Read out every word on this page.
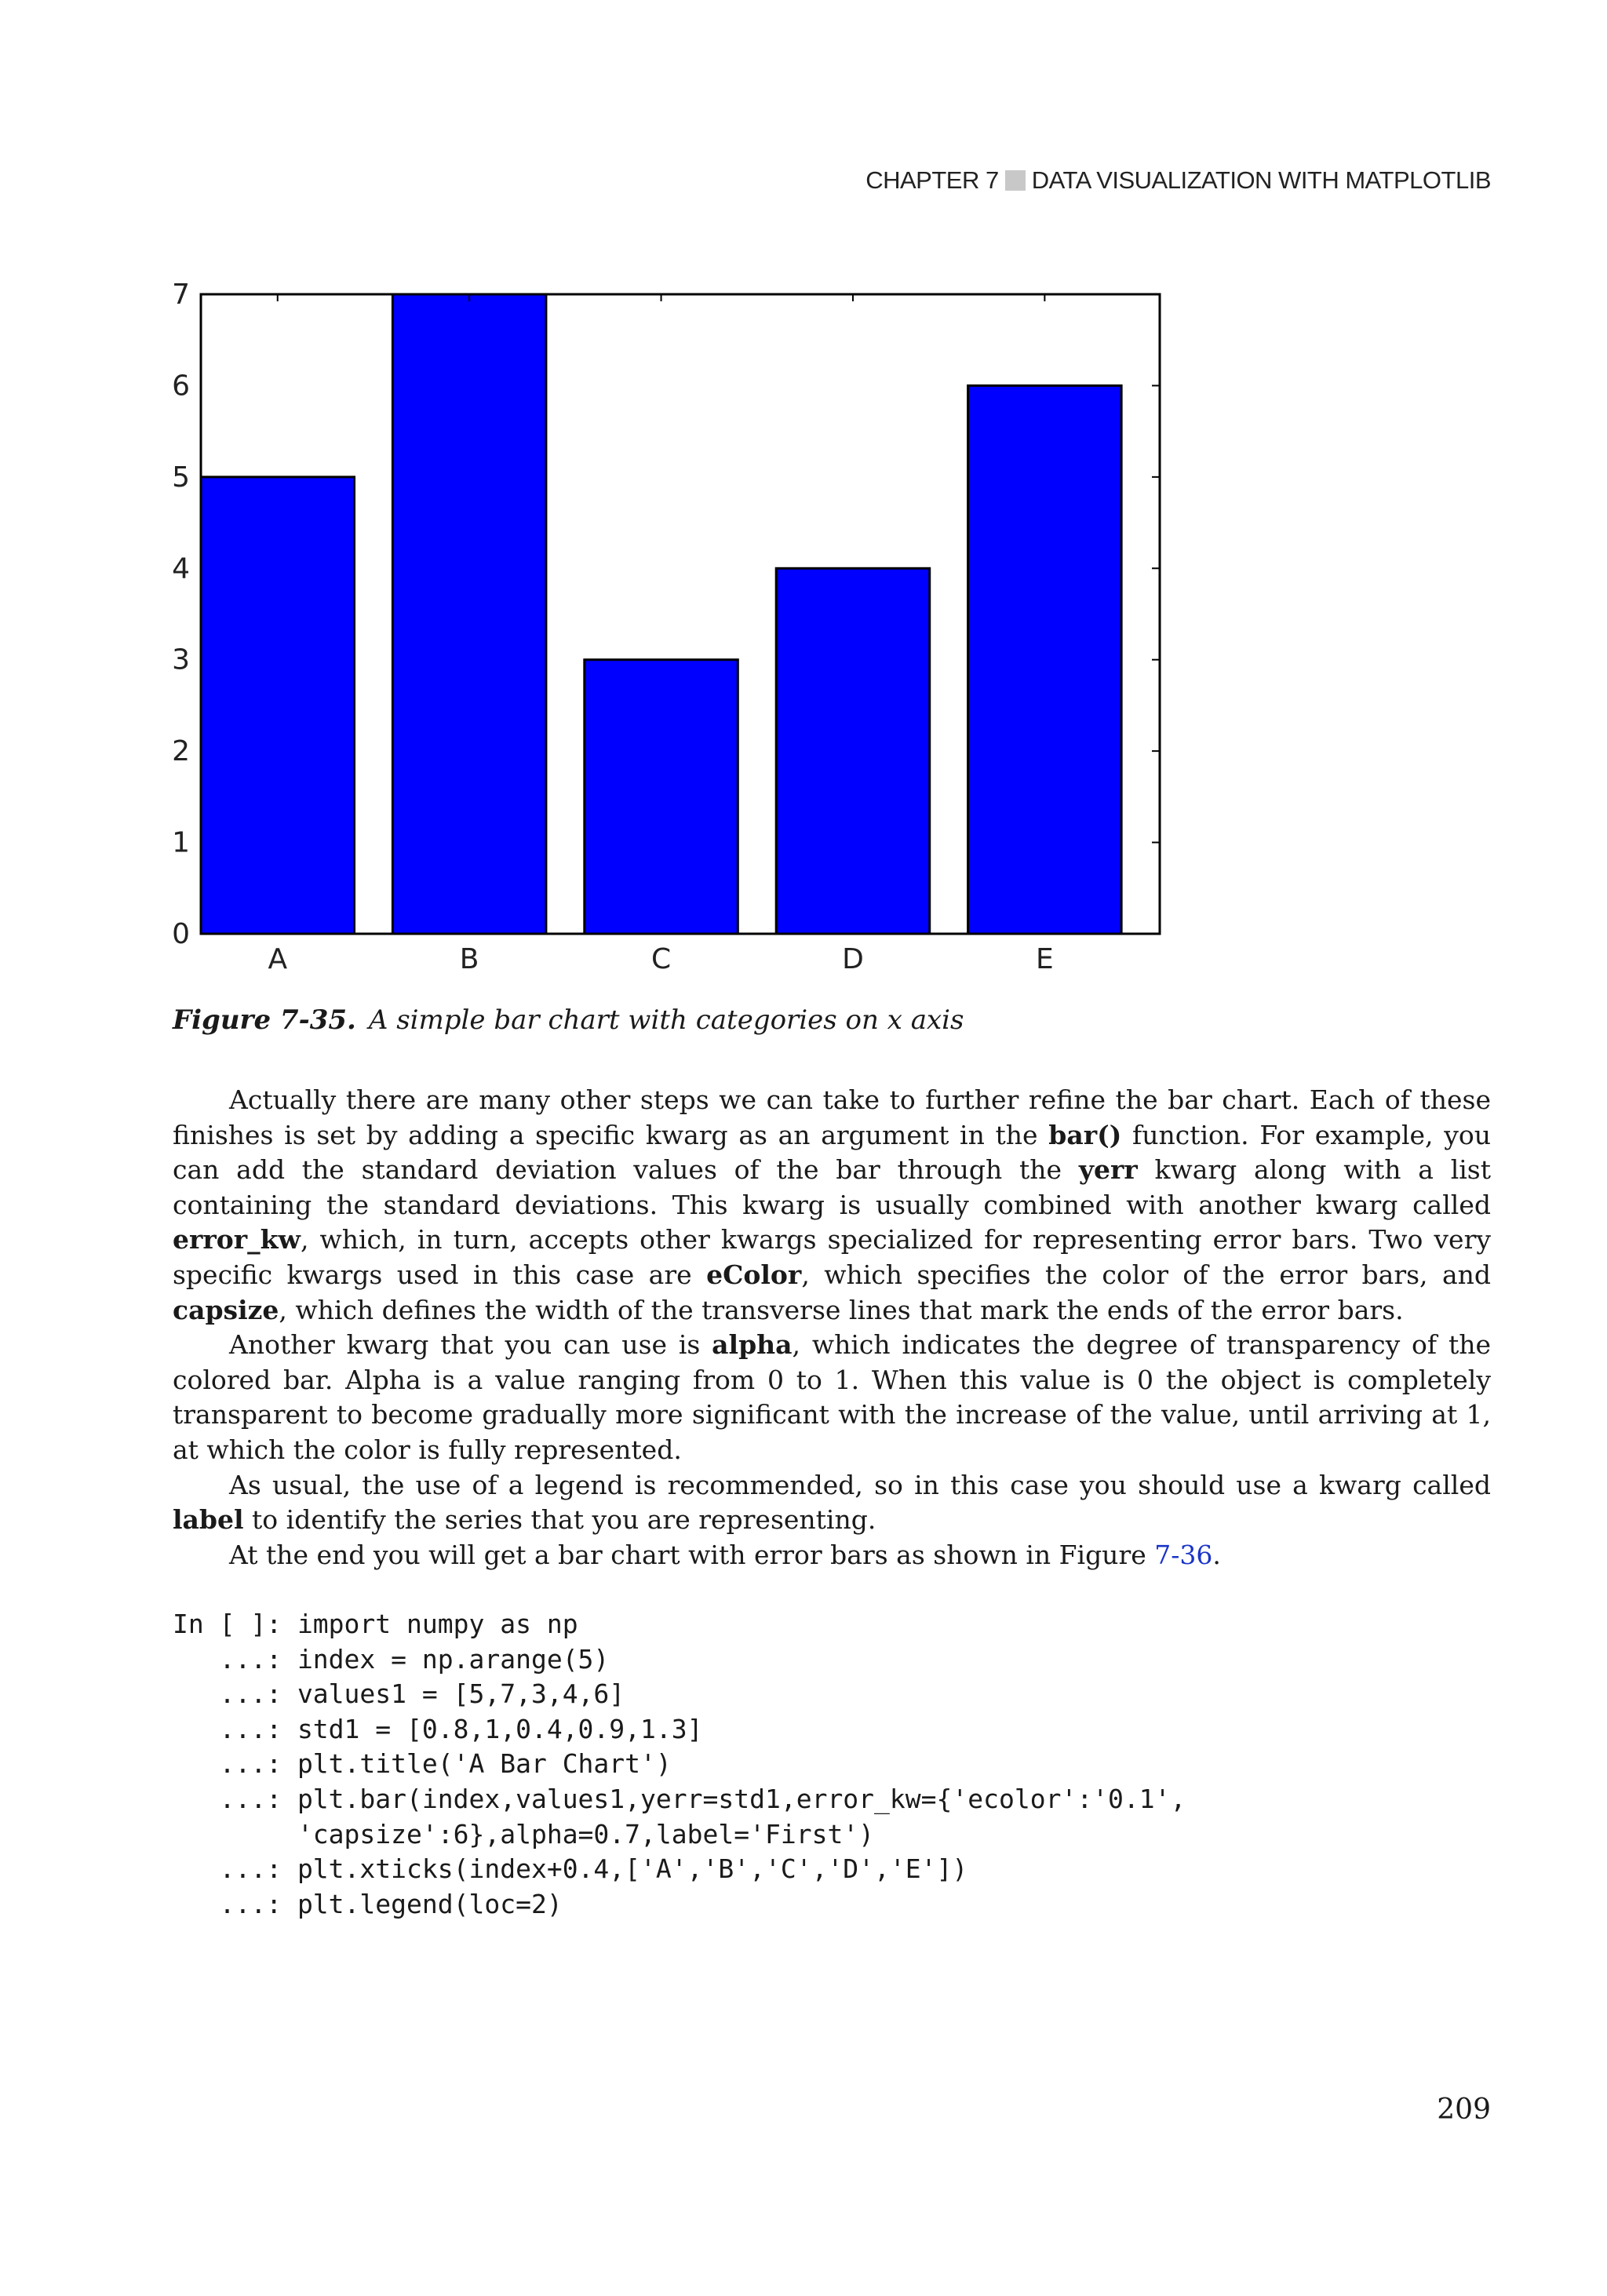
CHAPTER 7 DATA VISUALIZATION WITH MATPLOTLIB
A	B	C	D	E
0
1
2
3
4
5
6
7
Figure 7-35. A simple bar chart with categories on x axis

Actually there are many other steps we can take to further refine the bar chart. Each of these finishes is set by adding a specific kwarg as an argument in the bar() function. For example, you can add the standard deviation values of the bar through the yerr kwarg along with a list containing the standard deviations. This kwarg is usually combined with another kwarg called error_kw, which, in turn, accepts other kwargs specialized for representing error bars. Two very specific kwargs used in this case are eColor, which specifies the color of the error bars, and capsize, which defines the width of the transverse lines that mark the ends of the error bars.

Another kwarg that you can use is alpha, which indicates the degree of transparency of the colored bar. Alpha is a value ranging from 0 to 1. When this value is 0 the object is completely transparent to become gradually more significant with the increase of the value, until arriving at 1, at which the color is fully represented.

As usual, the use of a legend is recommended, so in this case you should use a kwarg called label to identify the series that you are representing.

At the end you will get a bar chart with error bars as shown in Figure 7-36.

In [ ]: import numpy as np
...: index = np.arange(5)
...: values1 = [5,7,3,4,6]
...: std1 = [0.8,1,0.4,0.9,1.3]
...: plt.title('A Bar Chart')
...: plt.bar(index,values1,yerr=std1,error_kw={'ecolor':'0.1',
'capsize':6},alpha=0.7,label='First')
...: plt.xticks(index+0.4,['A','B','C','D','E'])
...: plt.legend(loc=2)
209
